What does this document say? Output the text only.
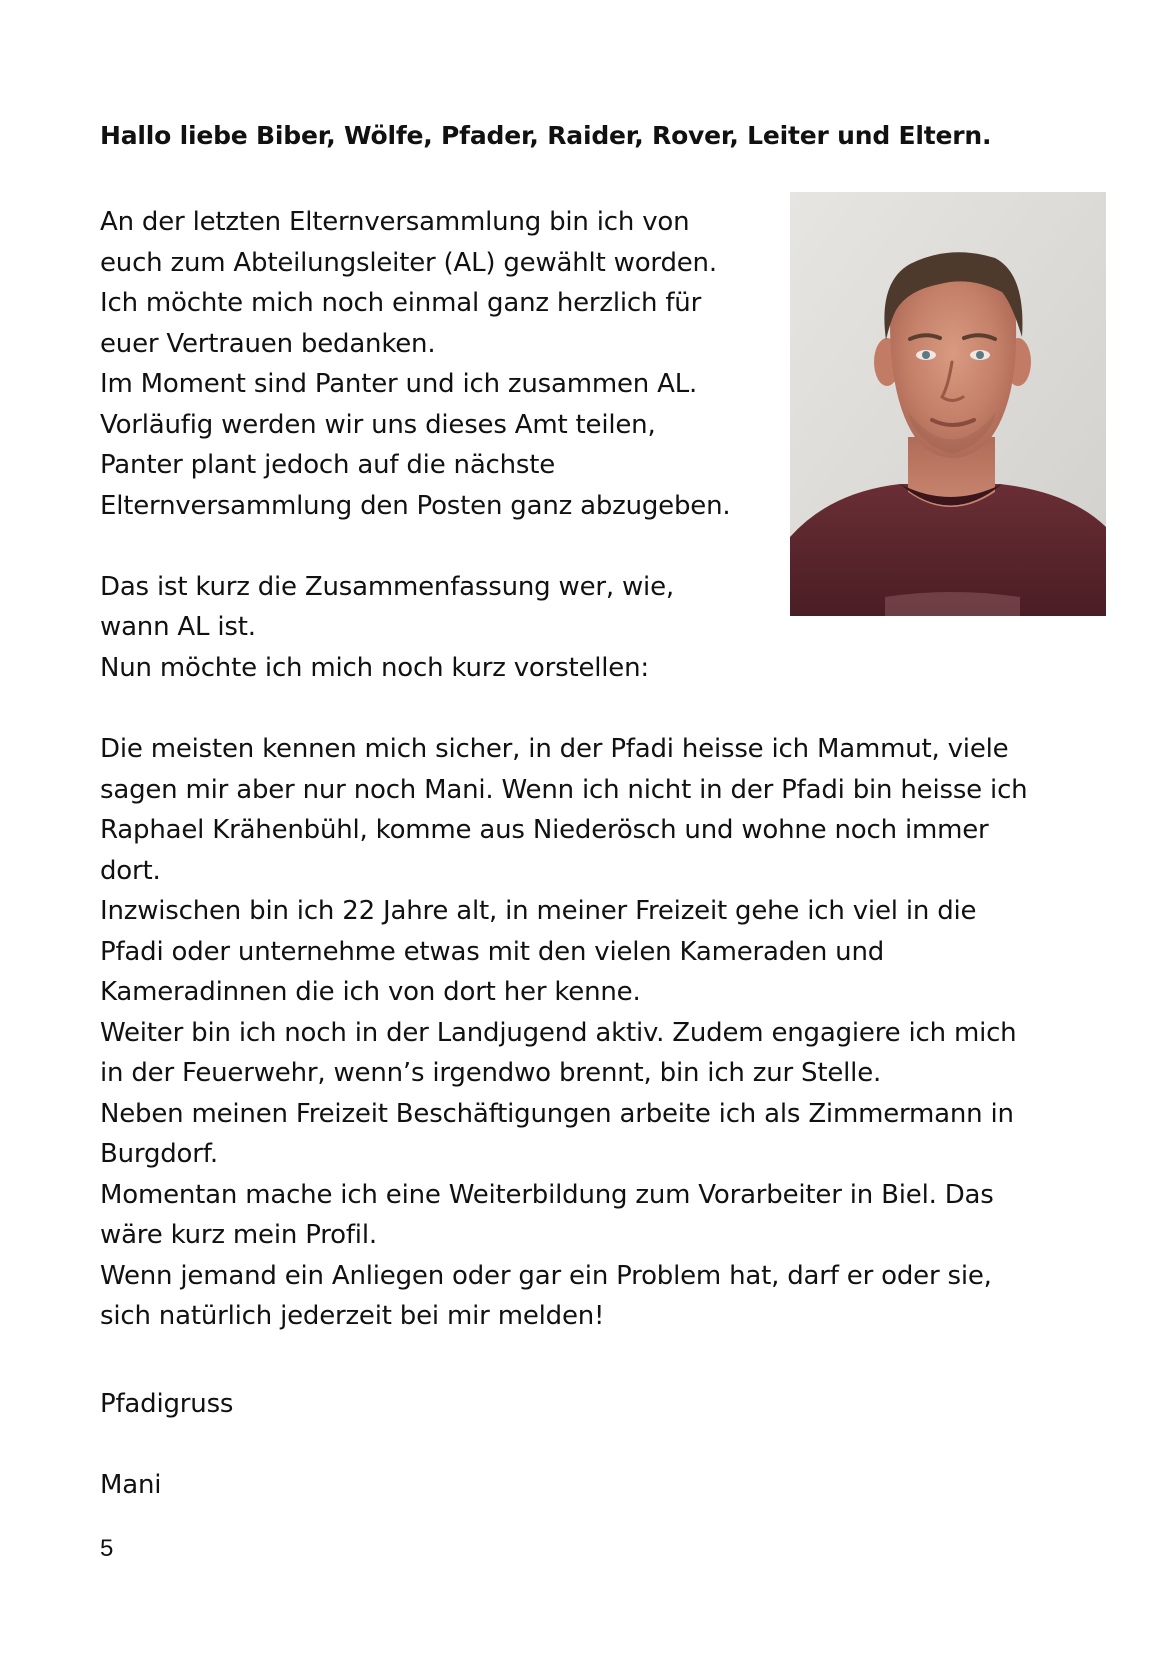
Hallo liebe Biber, Wölfe, Pfader, Raider, Rover, Leiter und Eltern.
An der letzten Elternversammlung bin ich von
euch zum Abteilungsleiter (AL) gewählt worden.
Ich möchte mich noch einmal ganz herzlich für
euer Vertrauen bedanken.
Im Moment sind Panter und ich zusammen AL.
Vorläufig werden wir uns dieses Amt teilen,
Panter plant jedoch auf die nächste
Elternversammlung den Posten ganz abzugeben.
Das ist kurz die Zusammenfassung wer, wie,
wann AL ist.
Nun möchte ich mich noch kurz vorstellen:
Die meisten kennen mich sicher, in der Pfadi heisse ich Mammut, viele
sagen mir aber nur noch Mani. Wenn ich nicht in der Pfadi bin heisse ich
Raphael Krähenbühl, komme aus Niederösch und wohne noch immer
dort.
Inzwischen bin ich 22 Jahre alt, in meiner Freizeit gehe ich viel in die
Pfadi oder unternehme etwas mit den vielen Kameraden und
Kameradinnen die ich von dort her kenne.
Weiter bin ich noch in der Landjugend aktiv. Zudem engagiere ich mich
in der Feuerwehr, wenn’s irgendwo brennt, bin ich zur Stelle.
Neben meinen Freizeit Beschäftigungen arbeite ich als Zimmermann in
Burgdorf.
Momentan mache ich eine Weiterbildung zum Vorarbeiter in Biel. Das
wäre kurz mein Profil.
Wenn jemand ein Anliegen oder gar ein Problem hat, darf er oder sie,
sich natürlich jederzeit bei mir melden!

Pfadigruss

Mani

5
